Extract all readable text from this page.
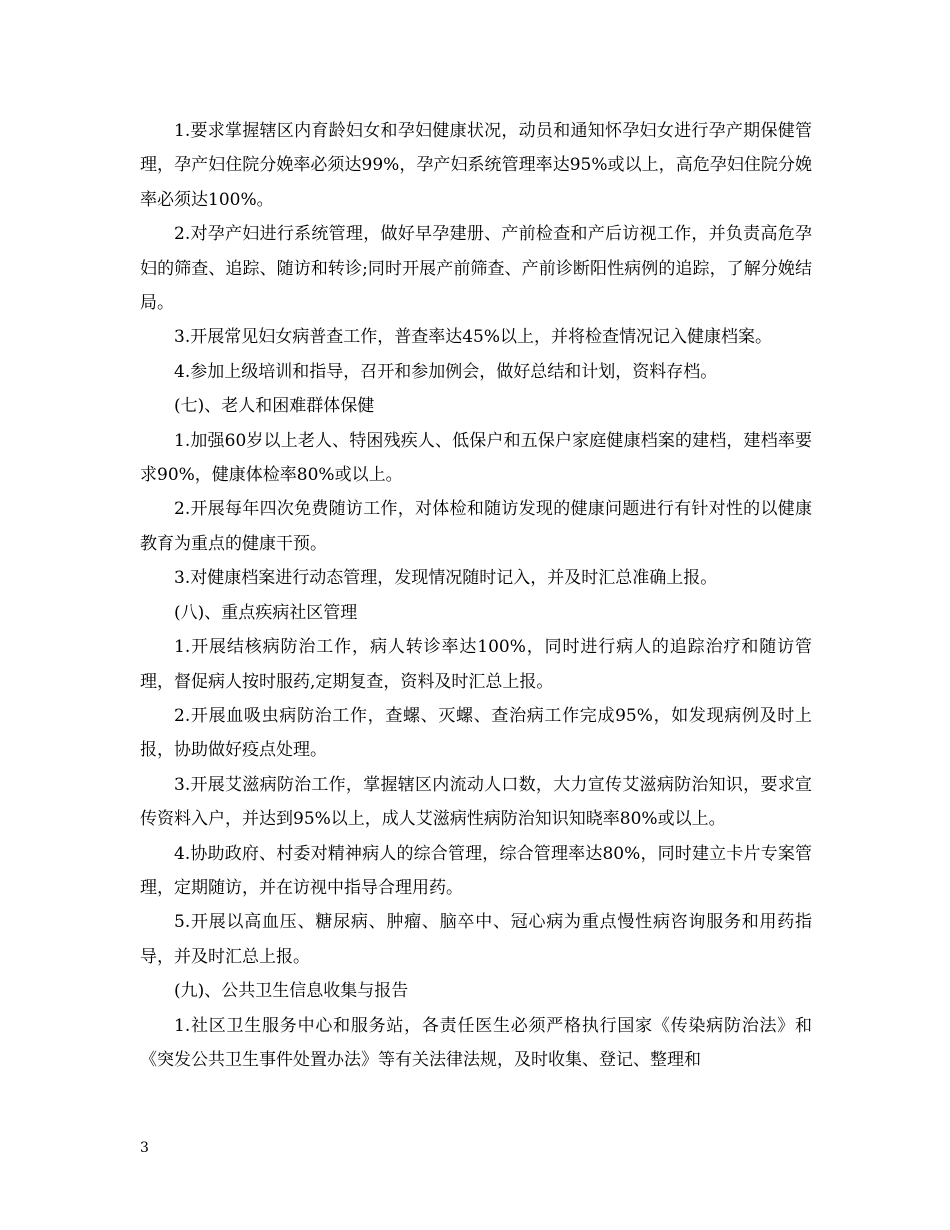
1.要求掌握辖区内育龄妇女和孕妇健康状况，动员和通知怀孕妇女进行孕产期保健管理，孕产妇住院分娩率必须达99%，孕产妇系统管理率达95%或以上，高危孕妇住院分娩率必须达100%。

2.对孕产妇进行系统管理，做好早孕建册、产前检查和产后访视工作，并负责高危孕妇的筛查、追踪、随访和转诊;同时开展产前筛查、产前诊断阳性病例的追踪，了解分娩结局。

3.开展常见妇女病普查工作，普查率达45%以上，并将检查情况记入健康档案。

4.参加上级培训和指导，召开和参加例会，做好总结和计划，资料存档。

(七)、老人和困难群体保健

1.加强60岁以上老人、特困残疾人、低保户和五保户家庭健康档案的建档，建档率要求90%，健康体检率80%或以上。

2.开展每年四次免费随访工作，对体检和随访发现的健康问题进行有针对性的以健康教育为重点的健康干预。

3.对健康档案进行动态管理，发现情况随时记入，并及时汇总准确上报。

(八)、重点疾病社区管理

1.开展结核病防治工作，病人转诊率达100%，同时进行病人的追踪治疗和随访管理，督促病人按时服药,定期复查，资料及时汇总上报。

2.开展血吸虫病防治工作，查螺、灭螺、查治病工作完成95%，如发现病例及时上报，协助做好疫点处理。

3.开展艾滋病防治工作，掌握辖区内流动人口数，大力宣传艾滋病防治知识，要求宣传资料入户，并达到95%以上，成人艾滋病性病防治知识知晓率80%或以上。

4.协助政府、村委对精神病人的综合管理，综合管理率达80%，同时建立卡片专案管理，定期随访，并在访视中指导合理用药。

5.开展以高血压、糖尿病、肿瘤、脑卒中、冠心病为重点慢性病咨询服务和用药指导，并及时汇总上报。

(九)、公共卫生信息收集与报告

1.社区卫生服务中心和服务站，各责任医生必须严格执行国家《传染病防治法》和《突发公共卫生事件处置办法》等有关法律法规，及时收集、登记、整理和

3
